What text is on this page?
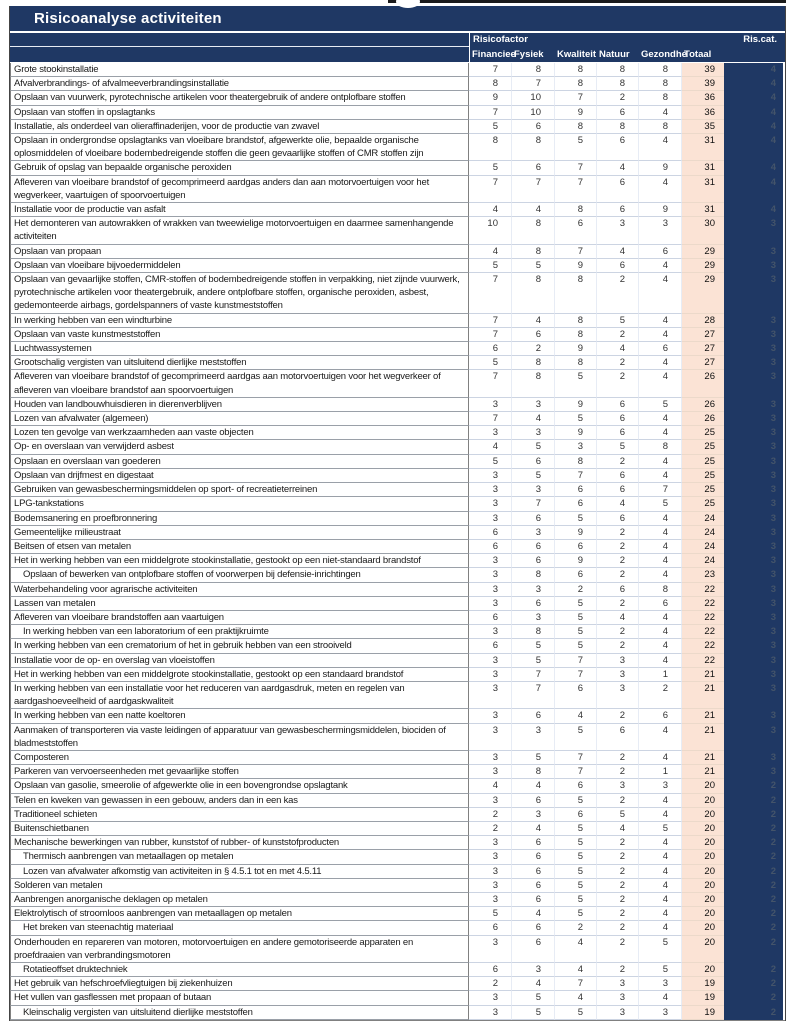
Risicoanalyse activiteiten
Risicofactor	Ris.cat.
Financiee
Fysiek	Kwaliteit Natuur	Gezondhe
Totaal
Grote stookinstallatie	7	8	8	8	8	39	4
Afvalverbrandings- of afvalmeeverbrandingsinstallatie	8	7	8	8	8	39	4
Opslaan van vuurwerk, pyrotechnische artikelen voor theatergebruik of andere ontplofbare stoffen	9	10	7	2	8	36	4
Opslaan van stoffen in opslagtanks	7	10	9	6	4	36	4
Installatie, als onderdeel van olieraffinaderijen, voor de productie van zwavel	5	6	8	8	8	35	4
Opslaan in ondergrondse opslagtanks van vloeibare brandstof, afgewerkte olie, bepaalde organische oplosmiddelen of vloeibare bodembedreigende stoffen die geen gevaarlijke stoffen of CMR stoffen zijn
8	8	5	6	4	31	4
Gebruik of opslag van bepaalde organische peroxiden	5	6	7	4	9	31	4
Afleveren van vloeibare brandstof of gecomprimeerd aardgas anders dan aan motorvoertuigen voor het wegverkeer, vaartuigen of spoorvoertuigen
7	7	7	6	4	31	4
Installatie voor de productie van asfalt	4	4	8	6	9	31	4
Het demonteren van autowrakken of wrakken van tweewielige motorvoertuigen en daarmee samenhangende activiteiten
10	8	6	3	3	30	3
Opslaan van propaan	4	8	7	4	6	29	3
Opslaan van vloeibare bijvoedermiddelen	5	5	9	6	4	29	3
Opslaan van gevaarlijke stoffen, CMR-stoffen of bodembedreigende stoffen in verpakking, niet zijnde vuurwerk, pyrotechnische artikelen voor theatergebruik, andere ontplofbare stoffen, organische peroxiden, asbest, gedemonteerde airbags, gordelspanners of vaste kunstmeststoffen
7	8	8	2	4	29	3
In werking hebben van een windturbine	7	4	8	5	4	28	3
Opslaan van vaste kunstmeststoffen	7	6	8	2	4	27	3
Luchtwassystemen	6	2	9	4	6	27	3
Grootschalig vergisten van uitsluitend dierlijke meststoffen	5	8	8	2	4	27	3
Afleveren van vloeibare brandstof of gecomprimeerd aardgas aan motorvoertuigen voor het wegverkeer of afleveren van vloeibare brandstof aan spoorvoertuigen
7	8	5	2	4	26	3
Houden van landbouwhuisdieren in dierenverblijven	3	3	9	6	5	26	3
Lozen van afvalwater (algemeen)	7	4	5	6	4	26	3
Lozen ten gevolge van werkzaamheden aan vaste objecten	3	3	9	6	4	25	3
Op- en overslaan van verwijderd asbest	4	5	3	5	8	25	3
Opslaan en overslaan van goederen	5	6	8	2	4	25	3
Opslaan van drijfmest en digestaat	3	5	7	6	4	25	3
Gebruiken van gewasbeschermingsmiddelen op sport- of recreatieterreinen	3	3	6	6	7	25	3
LPG-tankstations	3	7	6	4	5	25	3
Bodemsanering en proefbronnering	3	6	5	6	4	24	3
Gemeentelijke milieustraat	6	3	9	2	4	24	3
Beitsen of etsen van metalen	6	6	6	2	4	24	3
Het in werking hebben van een middelgrote stookinstallatie, gestookt op een niet-standaard brandstof	3	6	9	2	4	24	3
Opslaan of bewerken van ontplofbare stoffen of voorwerpen bij defensie-inrichtingen	3	8	6	2	4	23	3
Waterbehandeling voor agrarische activiteiten	3	3	2	6	8	22	3
Lassen van metalen	3	6	5	2	6	22	3
Afleveren van vloeibare brandstoffen aan vaartuigen	6	3	5	4	4	22	3
In werking hebben van een laboratorium of een praktijkruimte	3	8	5	2	4	22	3
In werking hebben van een crematorium of het in gebruik hebben van een strooiveld	6	5	5	2	4	22	3
Installatie voor de op- en overslag van vloeistoffen	3	5	7	3	4	22	3
Het in werking hebben van een middelgrote stookinstallatie, gestookt op een standaard brandstof	3	7	7	3	1	21	3
In werking hebben van een installatie voor het reduceren van aardgasdruk, meten en regelen van aardgashoeveelheid of aardgaskwaliteit
3	7	6	3	2	21	3
In werking hebben van een natte koeltoren	3	6	4	2	6	21	3
Aanmaken of transporteren via vaste leidingen of apparatuur van gewasbeschermingsmiddelen, biociden of bladmeststoffen
3	3	5	6	4	21	3
Composteren	3	5	7	2	4	21	3
Parkeren van vervoerseenheden met gevaarlijke stoffen	3	8	7	2	1	21	3
Opslaan van gasolie, smeerolie of afgewerkte olie in een bovengrondse opslagtank	4	4	6	3	3	20	2
Telen en kweken van gewassen in een gebouw, anders dan in een kas	3	6	5	2	4	20	2
Traditioneel schieten	2	3	6	5	4	20	2
Buitenschietbanen	2	4	5	4	5	20	2
Mechanische bewerkingen van rubber, kunststof of rubber- of kunststofproducten	3	6	5	2	4	20	2
Thermisch aanbrengen van metaallagen op metalen	3	6	5	2	4	20	2
Lozen van afvalwater afkomstig van activiteiten in § 4.5.1 tot en met 4.5.11	3	6	5	2	4	20	2
Solderen van metalen	3	6	5	2	4	20	2
Aanbrengen anorganische deklagen op metalen	3	6	5	2	4	20	2
Elektrolytisch of stroomloos aanbrengen van metaallagen op metalen	5	4	5	2	4	20	2
Het breken van steenachtig materiaal	6	6	2	2	4	20	2
Onderhouden en repareren van motoren, motorvoertuigen en andere gemotoriseerde apparaten en proefdraaien van verbrandingsmotoren
3	6	4	2	5	20	2
Rotatieoffset druktechniek	6	3	4	2	5	20	2
Het gebruik van hefschroefvliegtuigen bij ziekenhuizen	2	4	7	3	3	19	2
Het vullen van gasflessen met propaan of butaan	3	5	4	3	4	19	2
Kleinschalig vergisten van uitsluitend dierlijke meststoffen	3	5	5	3	3	19	2
